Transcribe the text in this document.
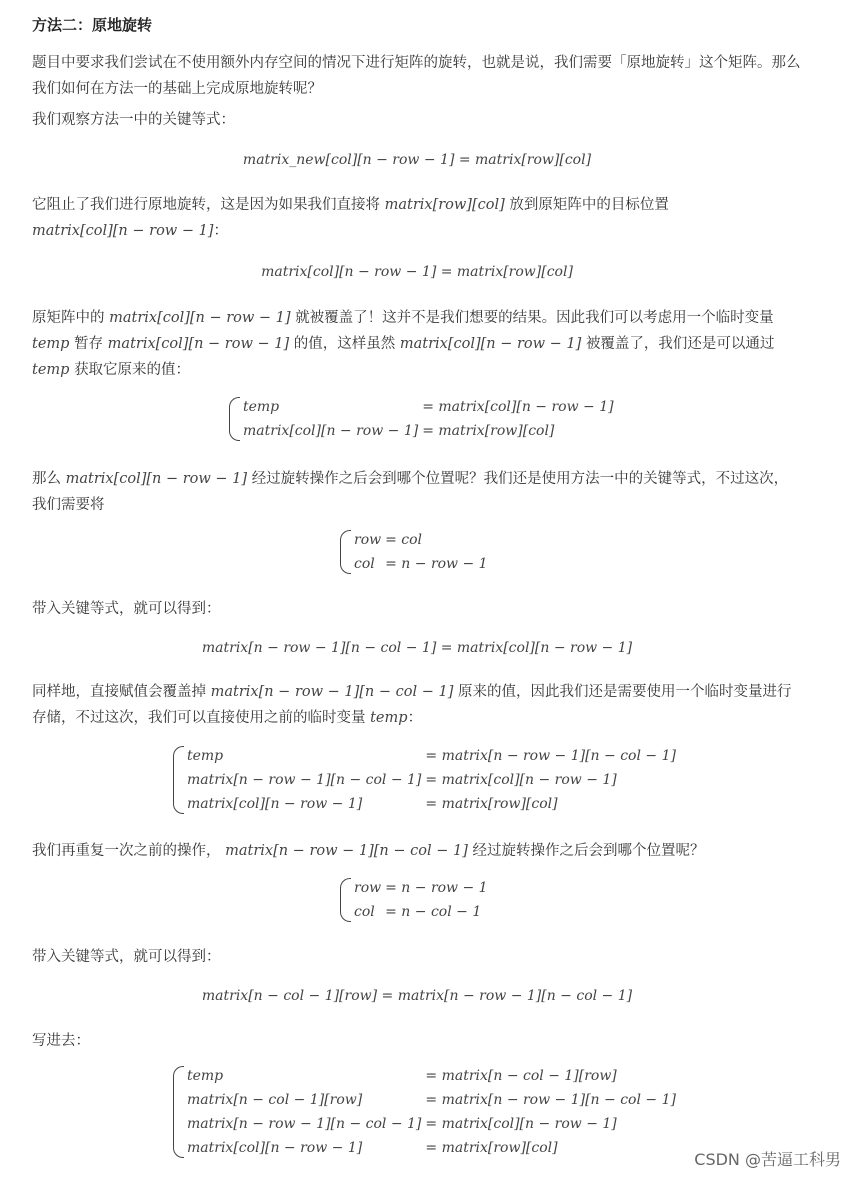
方法二：原地旋转

题目中要求我们尝试在不使用额外内存空间的情况下进行矩阵的旋转，也就是说，我们需要「原地旋转」这个矩阵。那么我们如何在方法一的基础上完成原地旋转呢？

我们观察方法一中的关键等式：

matrix_new[col][n − row − 1] = matrix[row][col]

它阻止了我们进行原地旋转，这是因为如果我们直接将 matrix[row][col] 放到原矩阵中的目标位置 matrix[col][n − row − 1]：

matrix[col][n − row − 1] = matrix[row][col]

原矩阵中的 matrix[col][n − row − 1] 就被覆盖了！这并不是我们想要的结果。因此我们可以考虑用一个临时变量 temp 暂存 matrix[col][n − row − 1] 的值，这样虽然 matrix[col][n − row − 1] 被覆盖了，我们还是可以通过 temp 获取它原来的值：

temp	= matrix[col][n − row − 1]
matrix[col][n − row − 1] = matrix[row][col]

那么 matrix[col][n − row − 1] 经过旋转操作之后会到哪个位置呢？我们还是使用方法一中的关键等式，不过这次，我们需要将

row = col
col = n − row − 1

带入关键等式，就可以得到：

matrix[n − row − 1][n − col − 1] = matrix[col][n − row − 1]

同样地，直接赋值会覆盖掉 matrix[n − row − 1][n − col − 1] 原来的值，因此我们还是需要使用一个临时变量进行存储，不过这次，我们可以直接使用之前的临时变量 temp：

temp	= matrix[n − row − 1][n − col − 1]
matrix[n − row − 1][n − col − 1] = matrix[col][n − row − 1]
matrix[col][n − row − 1]	= matrix[row][col]

我们再重复一次之前的操作， matrix[n − row − 1][n − col − 1] 经过旋转操作之后会到哪个位置呢？

row = n − row − 1
col = n − col − 1

带入关键等式，就可以得到：

matrix[n − col − 1][row] = matrix[n − row − 1][n − col − 1]

写进去：

temp	= matrix[n − col − 1][row]
matrix[n − col − 1][row]	= matrix[n − row − 1][n − col − 1]
matrix[n − row − 1][n − col − 1] = matrix[col][n − row − 1]
matrix[col][n − row − 1]	= matrix[row][col]
CSDN @苦逼工科男
